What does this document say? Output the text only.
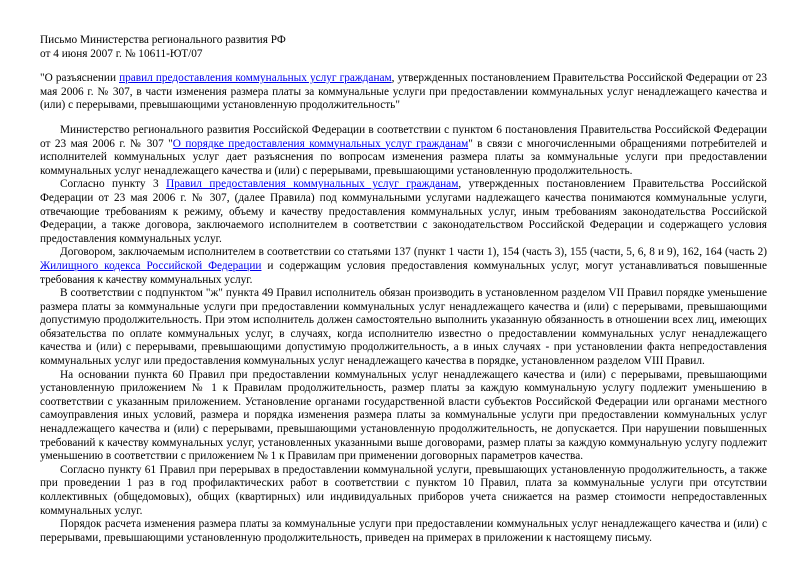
Письмо Министерства регионального развития РФ

от 4 июня 2007 г. № 10611-ЮТ/07

"О разъяснении правил предоставления коммунальных услуг гражданам, утвержденных постановлением Правительства Российской Федерации от 23 мая 2006 г. № 307, в части изменения размера платы за коммунальные услуги при предоставлении коммунальных услуг ненадлежащего качества и (или) с перерывами, превышающими установленную продолжительность"

Министерство регионального развития Российской Федерации в соответствии с пунктом 6 постановления Правительства Российской Федерации от 23 мая 2006 г. № 307 "О порядке предоставления коммунальных услуг гражданам" в связи с многочисленными обращениями потребителей и исполнителей коммунальных услуг дает разъяснения по вопросам изменения размера платы за коммунальные услуги при предоставлении коммунальных услуг ненадлежащего качества и (или) с перерывами, превышающими установленную продолжительность.

Согласно пункту 3 Правил предоставления коммунальных услуг гражданам, утвержденных постановлением Правительства Российской Федерации от 23 мая 2006 г. № 307, (далее Правила) под коммунальными услугами надлежащего качества понимаются коммунальные услуги, отвечающие требованиям к режиму, объему и качеству предоставления коммунальных услуг, иным требованиям законодательства Российской Федерации, а также договора, заключаемого исполнителем в соответствии с законодательством Российской Федерации и содержащего условия предоставления коммунальных услуг.

Договором, заключаемым исполнителем в соответствии со статьями 137 (пункт 1 части 1), 154 (часть 3), 155 (части, 5, 6, 8 и 9), 162, 164 (часть 2) Жилищного кодекса Российской Федерации и содержащим условия предоставления коммунальных услуг, могут устанавливаться повышенные требования к качеству коммунальных услуг.

В соответствии с подпунктом "ж" пункта 49 Правил исполнитель обязан производить в установленном разделом VII Правил порядке уменьшение размера платы за коммунальные услуги при предоставлении коммунальных услуг ненадлежащего качества и (или) с перерывами, превышающими допустимую продолжительность. При этом исполнитель должен самостоятельно выполнить указанную обязанность в отношении всех лиц, имеющих обязательства по оплате коммунальных услуг, в случаях, когда исполнителю известно о предоставлении коммунальных услуг ненадлежащего качества и (или) с перерывами, превышающими допустимую продолжительность, а в иных случаях - при установлении факта непредоставления коммунальных услуг или предоставления коммунальных услуг ненадлежащего качества в порядке, установленном разделом VIII Правил.

На основании пункта 60 Правил при предоставлении коммунальных услуг ненадлежащего качества и (или) с перерывами, превышающими установленную приложением № 1 к Правилам продолжительность, размер платы за каждую коммунальную услугу подлежит уменьшению в соответствии с указанным приложением. Установление органами государственной власти субъектов Российской Федерации или органами местного самоуправления иных условий, размера и порядка изменения размера платы за коммунальные услуги при предоставлении коммунальных услуг ненадлежащего качества и (или) с перерывами, превышающими установленную продолжительность, не допускается. При нарушении повышенных требований к качеству коммунальных услуг, установленных указанными выше договорами, размер платы за каждую коммунальную услугу подлежит уменьшению в соответствии с приложением № 1 к Правилам при применении договорных параметров качества.

Согласно пункту 61 Правил при перерывах в предоставлении коммунальной услуги, превышающих установленную продолжительность, а также при проведении 1 раз в год профилактических работ в соответствии с пунктом 10 Правил, плата за коммунальные услуги при отсутствии коллективных (общедомовых), общих (квартирных) или индивидуальных приборов учета снижается на размер стоимости непредоставленных коммунальных услуг.

Порядок расчета изменения размера платы за коммунальные услуги при предоставлении коммунальных услуг ненадлежащего качества и (или) с перерывами, превышающими установленную продолжительность, приведен на примерах в приложении к настоящему письму.
